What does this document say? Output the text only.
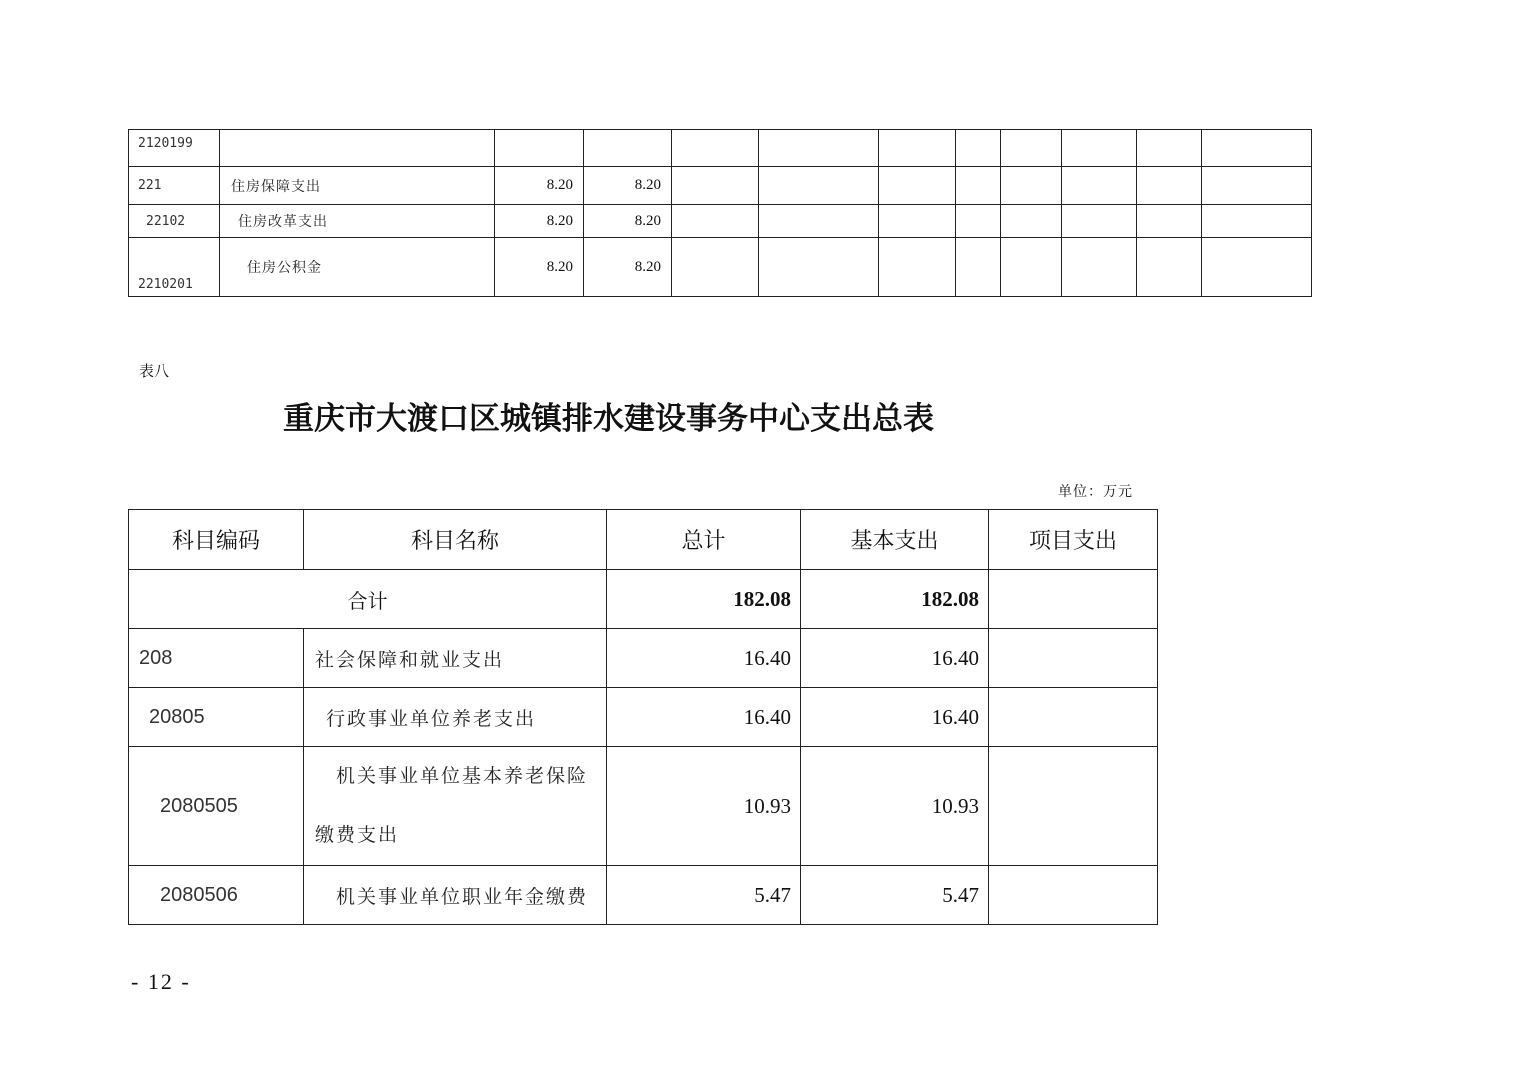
2120199											
221	住房保障支出	8.20	8.20								
22102	住房改革支出	8.20	8.20								
2210201	住房公积金	8.20	8.20								
表八
重庆市大渡口区城镇排水建设事务中心支出总表
单位：万元
科目编码	科目名称	总计	基本支出	项目支出
合计		182.08	182.08	
208	社会保障和就业支出	16.40	16.40	
20805	行政事业单位养老支出	16.40	16.40	
2080505	机关事业单位基本养老保险缴费支出	10.93	10.93	
2080506	机关事业单位职业年金缴费	5.47	5.47	
- 12 -
